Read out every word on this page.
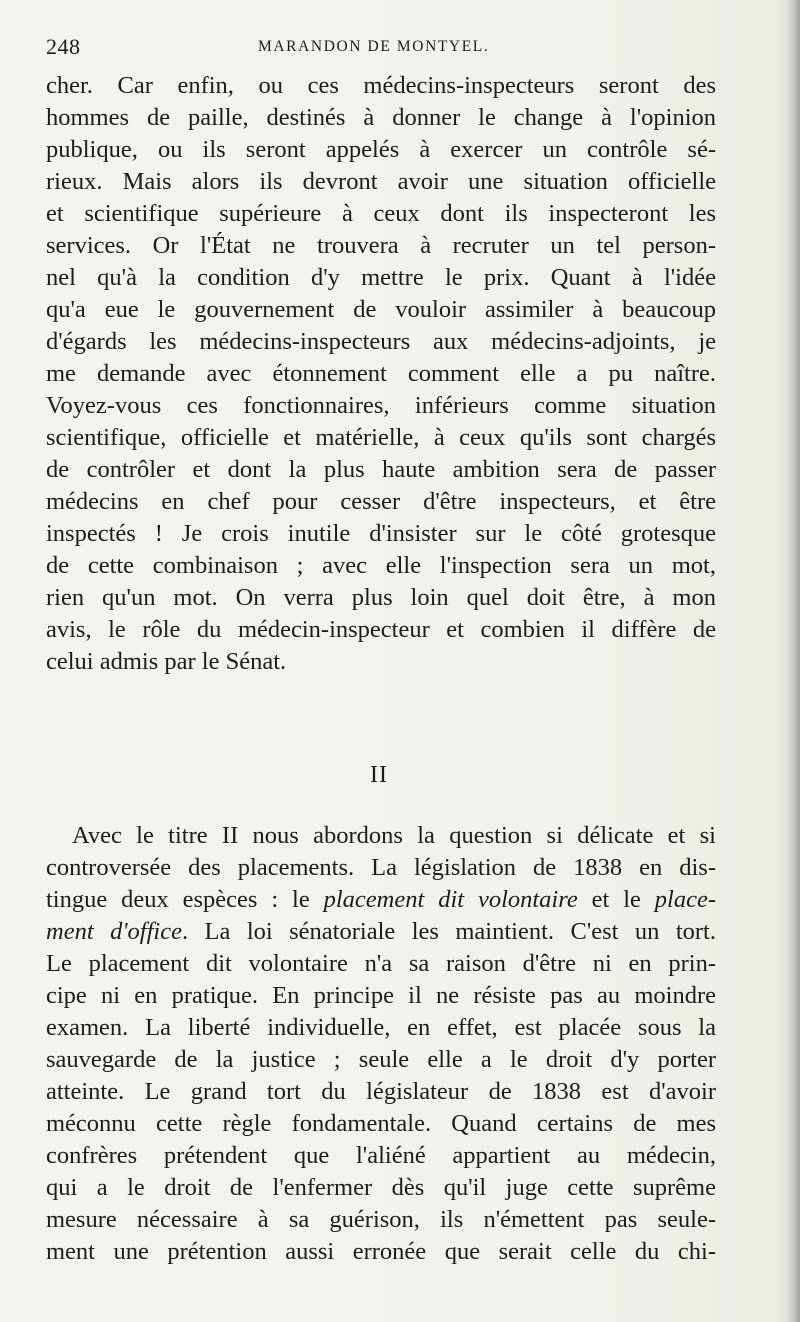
248	MARANDON DE MONTYEL.
cher. Car enfin, ou ces médecins-inspecteurs seront des
hommes de paille, destinés à donner le change à l'opinion
publique, ou ils seront appelés à exercer un contrôle sé-
rieux. Mais alors ils devront avoir une situation officielle
et scientifique supérieure à ceux dont ils inspecteront les
services. Or l'État ne trouvera à recruter un tel person-
nel qu'à la condition d'y mettre le prix. Quant à l'idée
qu'a eue le gouvernement de vouloir assimiler à beaucoup
d'égards les médecins-inspecteurs aux médecins-adjoints, je
me demande avec étonnement comment elle a pu naître.
Voyez-vous ces fonctionnaires, inférieurs comme situation
scientifique, officielle et matérielle, à ceux qu'ils sont chargés
de contrôler et dont la plus haute ambition sera de passer
médecins en chef pour cesser d'être inspecteurs, et être
inspectés ! Je crois inutile d'insister sur le côté grotesque
de cette combinaison ; avec elle l'inspection sera un mot,
rien qu'un mot. On verra plus loin quel doit être, à mon
avis, le rôle du médecin-inspecteur et combien il diffère de
celui admis par le Sénat.
II
Avec le titre II nous abordons la question si délicate et si
controversée des placements. La législation de 1838 en dis-
tingue deux espèces : le placement dit volontaire et le place-
ment d'office. La loi sénatoriale les maintient. C'est un tort.
Le placement dit volontaire n'a sa raison d'être ni en prin-
cipe ni en pratique. En principe il ne résiste pas au moindre
examen. La liberté individuelle, en effet, est placée sous la
sauvegarde de la justice ; seule elle a le droit d'y porter
atteinte. Le grand tort du législateur de 1838 est d'avoir
méconnu cette règle fondamentale. Quand certains de mes
confrères prétendent que l'aliéné appartient au médecin,
qui a le droit de l'enfermer dès qu'il juge cette suprême
mesure nécessaire à sa guérison, ils n'émettent pas seule-
ment une prétention aussi erronée que serait celle du chi-
